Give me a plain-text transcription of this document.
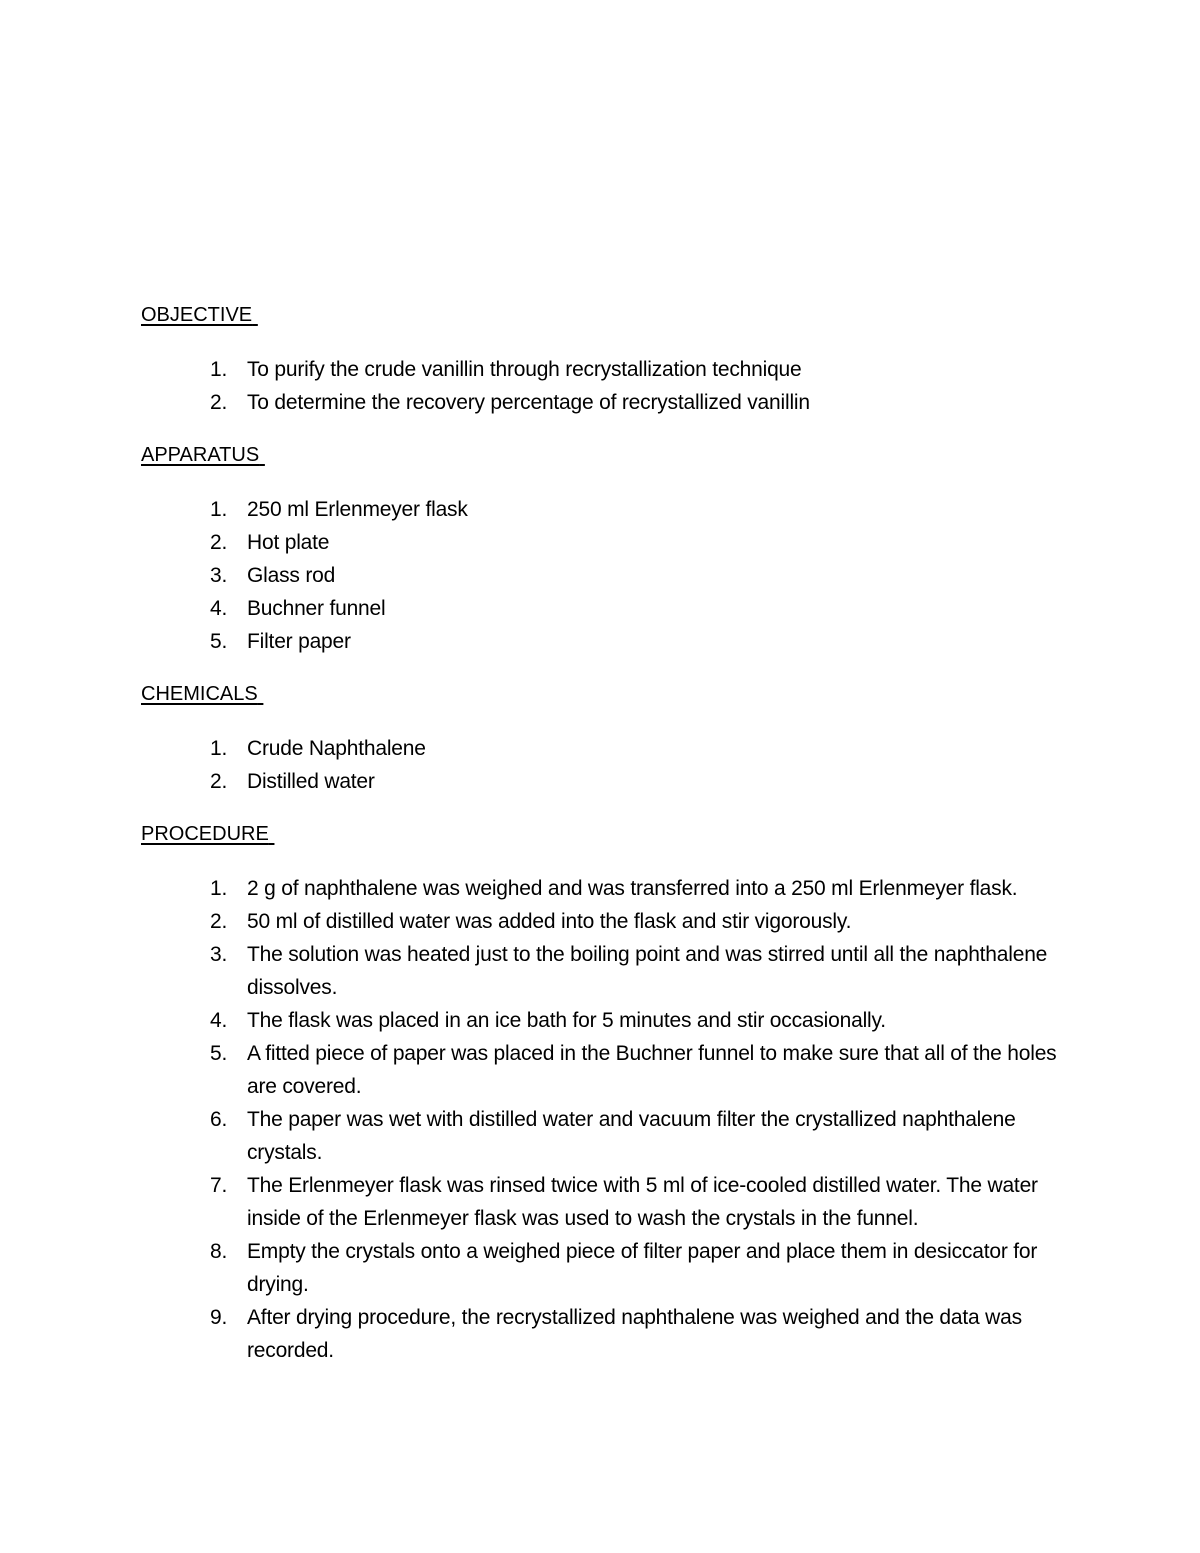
OBJECTIVE
1. To purify the crude vanillin through recrystallization technique
2. To determine the recovery percentage of recrystallized vanillin
APPARATUS
1. 250 ml Erlenmeyer flask
2. Hot plate
3. Glass rod
4. Buchner funnel
5. Filter paper
CHEMICALS
1. Crude Naphthalene
2. Distilled water
PROCEDURE
1. 2 g of naphthalene was weighed and was transferred into a 250 ml Erlenmeyer flask.
2. 50 ml of distilled water was added into the flask and stir vigorously.
3. The solution was heated just to the boiling point and was stirred until all the naphthalene dissolves.
4. The flask was placed in an ice bath for 5 minutes and stir occasionally.
5. A fitted piece of paper was placed in the Buchner funnel to make sure that all of the holes are covered.
6. The paper was wet with distilled water and vacuum filter the crystallized naphthalene crystals.
7. The Erlenmeyer flask was rinsed twice with 5 ml of ice-cooled distilled water. The water inside of the Erlenmeyer flask was used to wash the crystals in the funnel.
8. Empty the crystals onto a weighed piece of filter paper and place them in desiccator for drying.
9. After drying procedure, the recrystallized naphthalene was weighed and the data was recorded.
